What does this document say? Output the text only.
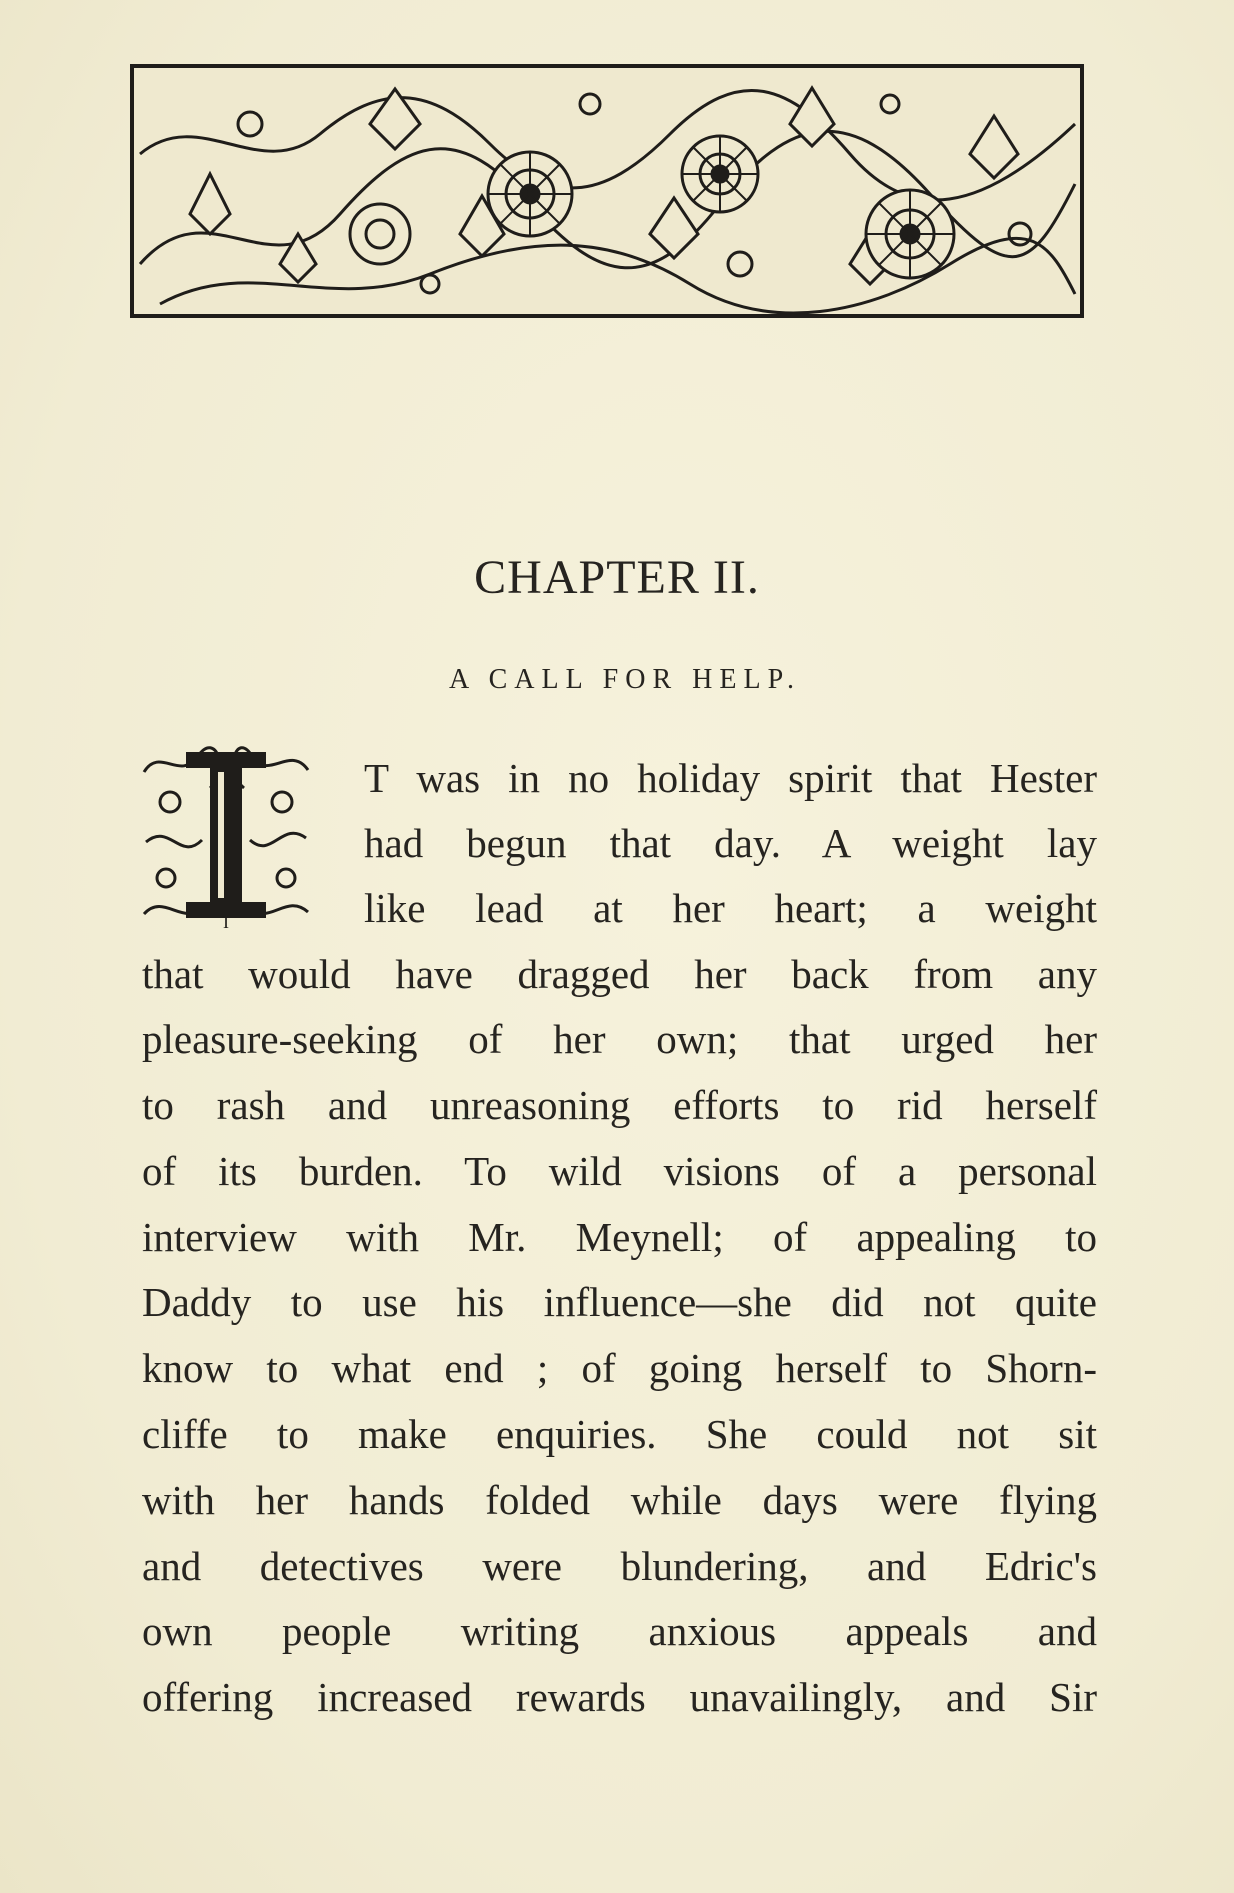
CHAPTER II.
A CALL FOR HELP.
I
T was in no holiday spirit that Hester
had begun that day. A weight lay
like lead at her heart; a weight
that would have dragged her back from any
pleasure-seeking of her own; that urged her
to rash and unreasoning efforts to rid herself
of its burden. To wild visions of a personal
interview with Mr. Meynell; of appealing to
Daddy to use his influence—she did not quite
know to what end ; of going herself to Shorn-
cliffe to make enquiries. She could not sit
with her hands folded while days were flying
and detectives were blundering, and Edric's
own people writing anxious appeals and
offering increased rewards unavailingly, and Sir
